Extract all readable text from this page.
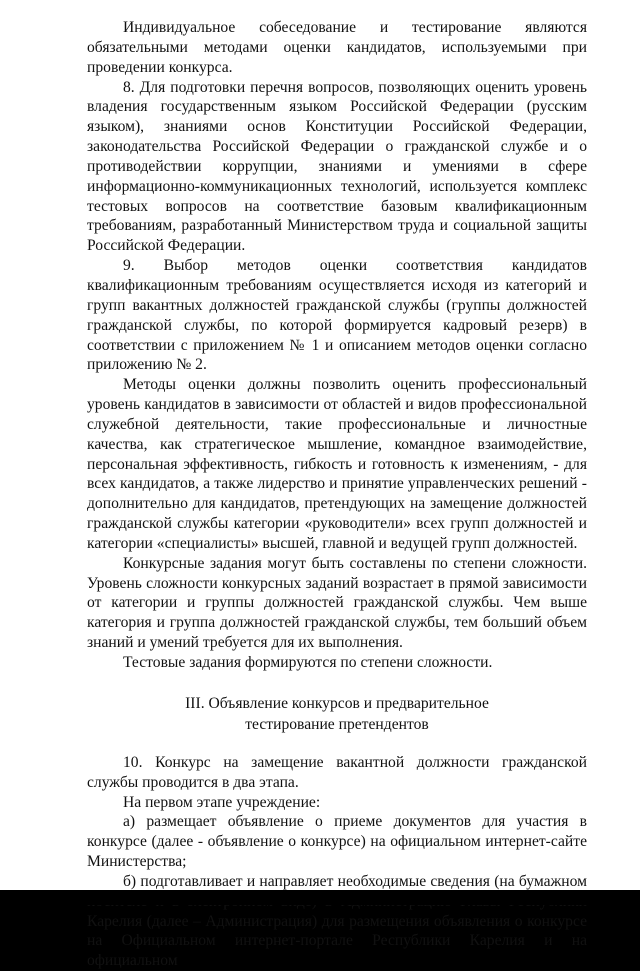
Индивидуальное собеседование и тестирование являются обязательными методами оценки кандидатов, используемыми при проведении конкурса.

8. Для подготовки перечня вопросов, позволяющих оценить уровень владения государственным языком Российской Федерации (русским языком), знаниями основ Конституции Российской Федерации, законодательства Российской Федерации о гражданской службе и о противодействии коррупции, знаниями и умениями в сфере информационно-коммуникационных технологий, используется комплекс тестовых вопросов на соответствие базовым квалификационным требованиям, разработанный Министерством труда и социальной защиты Российской Федерации.

9. Выбор методов оценки соответствия кандидатов квалификационным требованиям осуществляется исходя из категорий и групп вакантных должностей гражданской службы (группы должностей гражданской службы, по которой формируется кадровый резерв) в соответствии с приложением № 1 и описанием методов оценки согласно приложению № 2.

Методы оценки должны позволить оценить профессиональный уровень кандидатов в зависимости от областей и видов профессиональной служебной деятельности, такие профессиональные и личностные качества, как стратегическое мышление, командное взаимодействие, персональная эффективность, гибкость и готовность к изменениям, - для всех кандидатов, а также лидерство и принятие управленческих решений - дополнительно для кандидатов, претендующих на замещение должностей гражданской службы категории «руководители» всех групп должностей и категории «специалисты» высшей, главной и ведущей групп должностей.

Конкурсные задания могут быть составлены по степени сложности. Уровень сложности конкурсных заданий возрастает в прямой зависимости от категории и группы должностей гражданской службы. Чем выше категория и группа должностей гражданской службы, тем больший объем знаний и умений требуется для их выполнения.

Тестовые задания формируются по степени сложности.

III. Объявление конкурсов и предварительное
тестирование претендентов

10. Конкурс на замещение вакантной должности гражданской службы проводится в два этапа.

На первом этапе учреждение:

а) размещает объявление о приеме документов для участия в конкурсе (далее - объявление о конкурсе) на официальном интернет-сайте Министерства;

б) подготавливает и направляет необходимые сведения (на бумажном Карелия (далее – Администрация) для размещения объявления о конкурсе на Официальном интернет-портале Республики Карелия и на официальном
